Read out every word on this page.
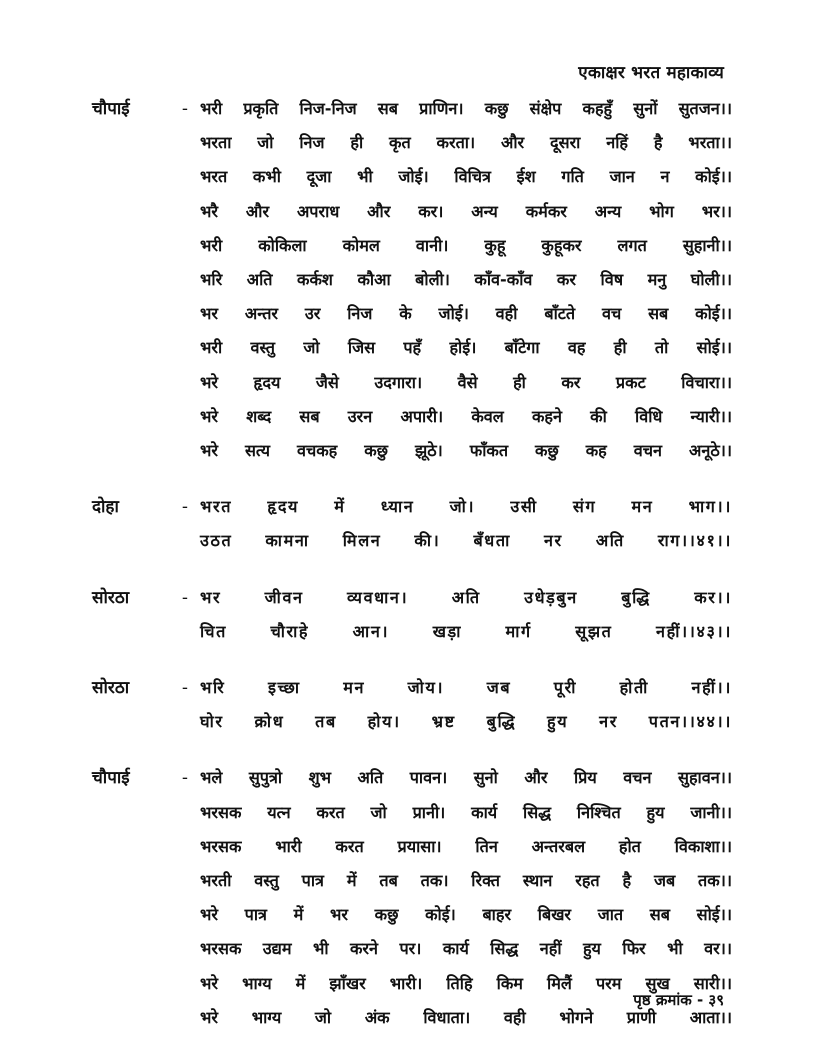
एकाक्षर भरत महाकाव्य
चौपाई	- भरी प्रकृति निज-निज सब प्राणिन। कछु संक्षेप कहहुँ सुनों सुतजन।।
भरता जो निज ही कृत करता। और दूसरा नहिं है भरता।।
भरत कभी दूजा भी जोई। विचित्र ईश गति जान न कोई।।
भरै और अपराध और कर। अन्य कर्मकर अन्य भोग भर।।
भरी कोकिला कोमल वानी। कुहू कुहूकर लगत सुहानी।।
भरि अति कर्कश कौआ बोली। काँव-काँव कर विष मनु घोली।।
भर अन्तर उर निज के जोई। वही बाँटते वच सब कोई।।
भरी वस्तु जो जिस पहँ होई। बाँटेगा वह ही तो सोई।।
भरे हृदय जैसे उदगारा। वैसे ही कर प्रकट विचारा।।
भरे शब्द सब उरन अपारी। केवल कहने की विधि न्यारी।।
भरे सत्य वचकह कछु झूठे। फाँकत कछु कह वचन अनूठे।।
दोहा	- भरत हृदय में ध्यान जो। उसी संग मन भाग।।
उठत कामना मिलन की। बँधता नर अति राग।।४१।।
सोरठा	- भर जीवन व्यवधान। अति उधेड़बुन बुद्धि कर।।
चित चौराहे आन। खड़ा मार्ग सूझत नहीं।।४३।।
सोरठा	- भरि इच्छा मन जोय। जब पूरी होती नहीं।।
घोर क्रोध तब होय। भ्रष्ट बुद्धि हुय नर पतन।।४४।।
चौपाई	- भले सुपुत्रो शुभ अति पावन। सुनो और प्रिय वचन सुहावन।।
भरसक यत्न करत जो प्रानी। कार्य सिद्ध निश्चित हुय जानी।।
भरसक भारी करत प्रयासा। तिन अन्तरबल होत विकाशा।।
भरती वस्तु पात्र में तब तक। रिक्त स्थान रहत है जब तक।।
भरे पात्र में भर कछु कोई। बाहर बिखर जात सब सोई।।
भरसक उद्यम भी करने पर। कार्य सिद्ध नहीं हुय फिर भी वर।।
भरे भाग्य में झाँखर भारी। तिहि किम मिलैं परम सुख सारी।।
भरे भाग्य जो अंक विधाता। वही भोगने प्राणी आता।।
पृष्ठ क्रमांक - ३९
